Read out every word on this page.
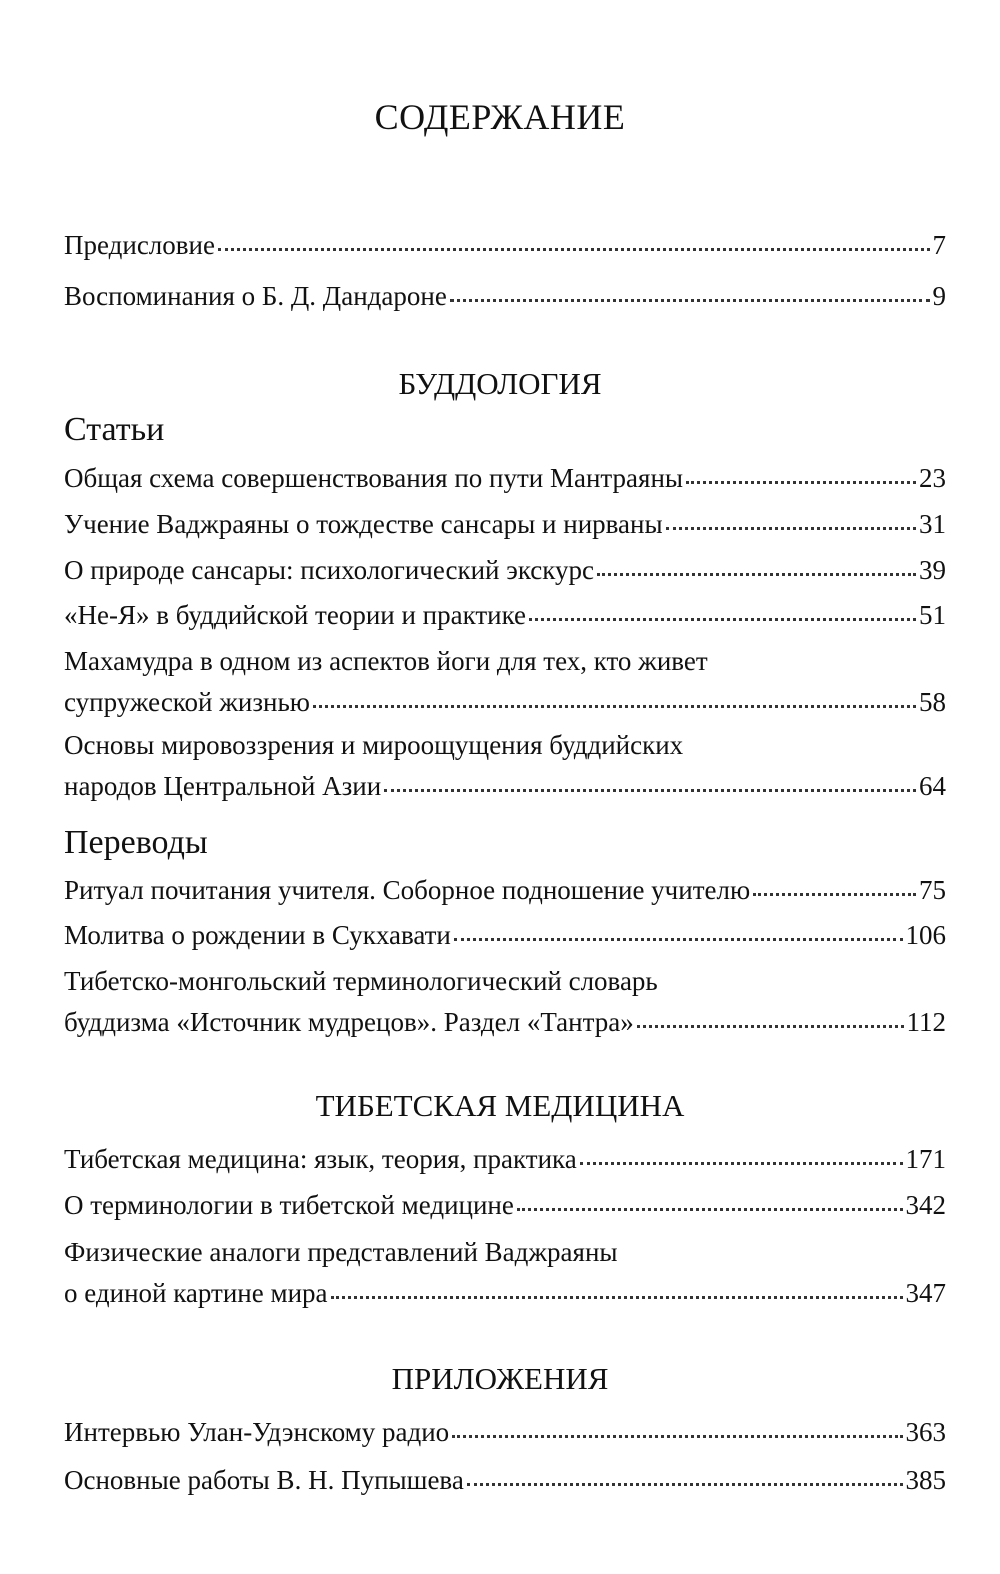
СОДЕРЖАНИЕ
Предисловие	7
Воспоминания о Б. Д. Дандароне	9
БУДДОЛОГИЯ
Статьи
Общая схема совершенствования по пути Мантраяны	23
Учение Ваджраяны о тождестве сансары и нирваны	31
О природе сансары: психологический экскурс	39
«Не-Я» в буддийской теории и практике	51
Махамудра в одном из аспектов йоги для тех, кто живет
супружеской жизнью	58
Основы мировоззрения и мироощущения буддийских
народов Центральной Азии	64
Переводы
Ритуал почитания учителя. Соборное подношение учителю	75
Молитва о рождении в Сукхавати	106
Тибетско-монгольский терминологический словарь
буддизма «Источник мудрецов». Раздел «Тантра»	112
ТИБЕТСКАЯ МЕДИЦИНА
Тибетская медицина: язык, теория, практика	171
О терминологии в тибетской медицине	342
Физические аналоги представлений Ваджраяны
о единой картине мира	347
ПРИЛОЖЕНИЯ
Интервью Улан-Удэнскому радио	363
Основные работы В. Н. Пупышева	385
